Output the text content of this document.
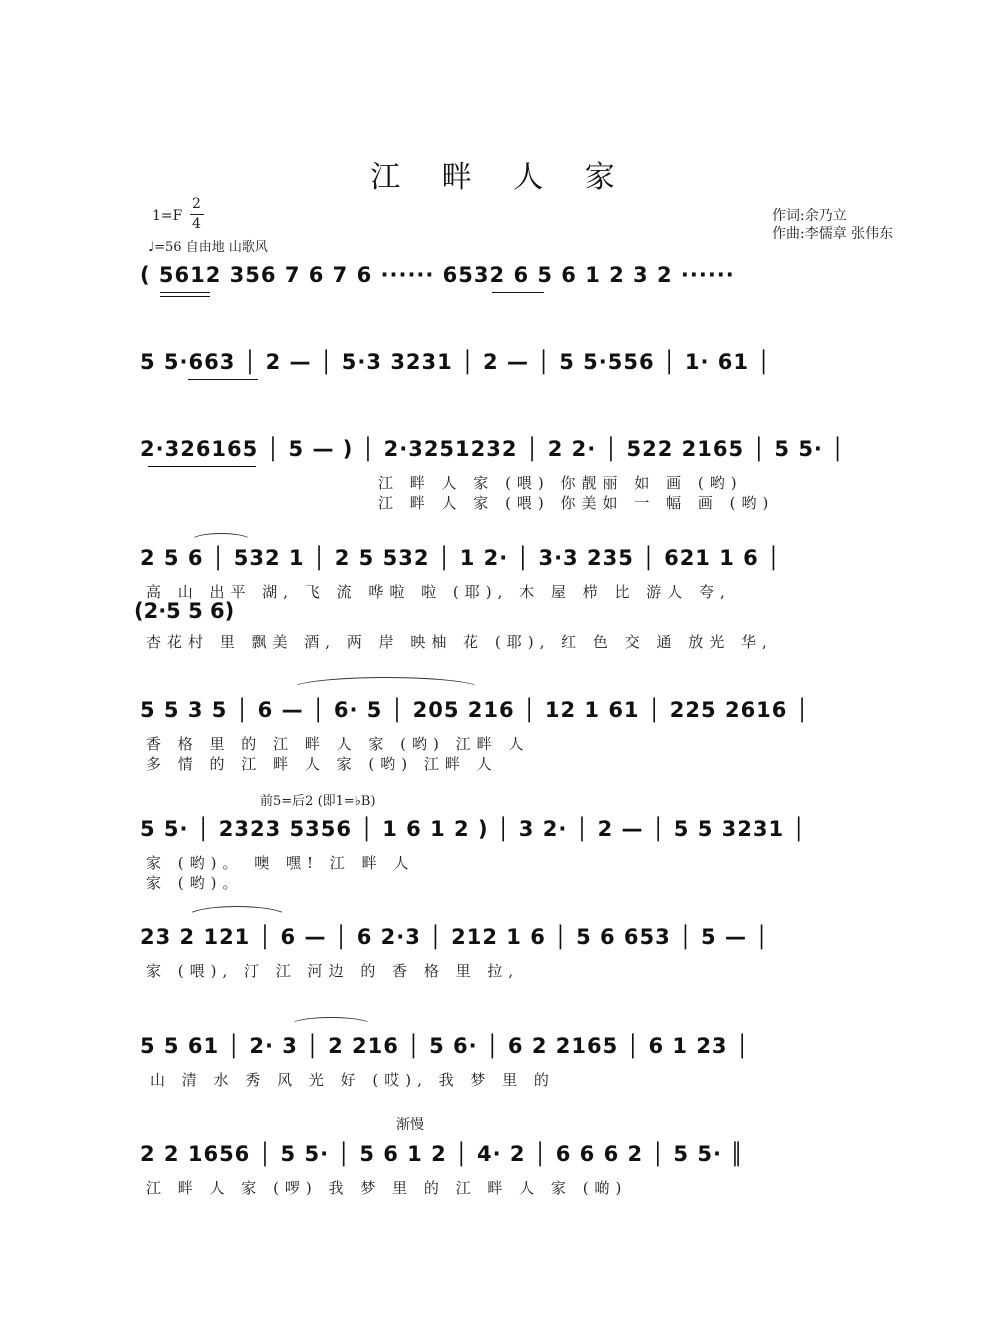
江 畔 人 家
1=F
2
4
♩=56 自由地 山歌风
作词:余乃立
作曲:李儒章 张伟东
( 5612 356 7 6 7 6 ······ 6532 6 5 6 1 2 3 2 ······
5 5·663 │ 2 — │ 5·3 3231 │ 2 — │ 5 5·556 │ 1· 61 │
2·326165 │ 5 — ) │ 2·3251232 │ 2 2· │ 522 2165 │ 5 5· │
江 畔 人 家 (喂) 你靓丽 如 画 (哟)
江 畔 人 家 (喂) 你美如 一 幅 画 (哟)
2 5 6 │ 532 1 │ 2 5 532 │ 1 2· │ 3·3 235 │ 621 1 6 │
高 山 出平 湖, 飞 流 哗啦 啦 (耶), 木 屋 栉 比 游人 夸,
(2·5 5 6)
杏花村 里 飘美 酒, 两 岸 映柚 花 (耶), 红 色 交 通 放光 华,
5 5 3 5 │ 6 — │ 6· 5 │ 205 216 │ 12 1 61 │ 225 2616 │
香 格 里 的 江 畔 人 家 (哟) 江畔 人
多 情 的 江 畔 人 家 (哟) 江畔 人
前5=后2 (即1=♭B)
5 5· │ 2323 5356 │ 1 6 1 2 ) │ 3 2· │ 2 — │ 5 5 3231 │
家 (哟)。 噢 嘿! 江 畔 人
家 (哟)。
23 2 121 │ 6 — │ 6 2·3 │ 212 1 6 │ 5 6 653 │ 5 — │
家 (喂), 汀 江 河边 的 香 格 里 拉,
5 5 61 │ 2· 3 │ 2 216 │ 5 6· │ 6 2 2165 │ 6 1 23 │
山 清 水 秀 风 光 好 (哎), 我 梦 里 的
渐慢
2 2 1656 │ 5 5· │ 5 6 1 2 │ 4· 2 │ 6 6 6 2 │ 5 5· ║
江 畔 人 家 (啰) 我 梦 里 的 江 畔 人 家 (啲)
